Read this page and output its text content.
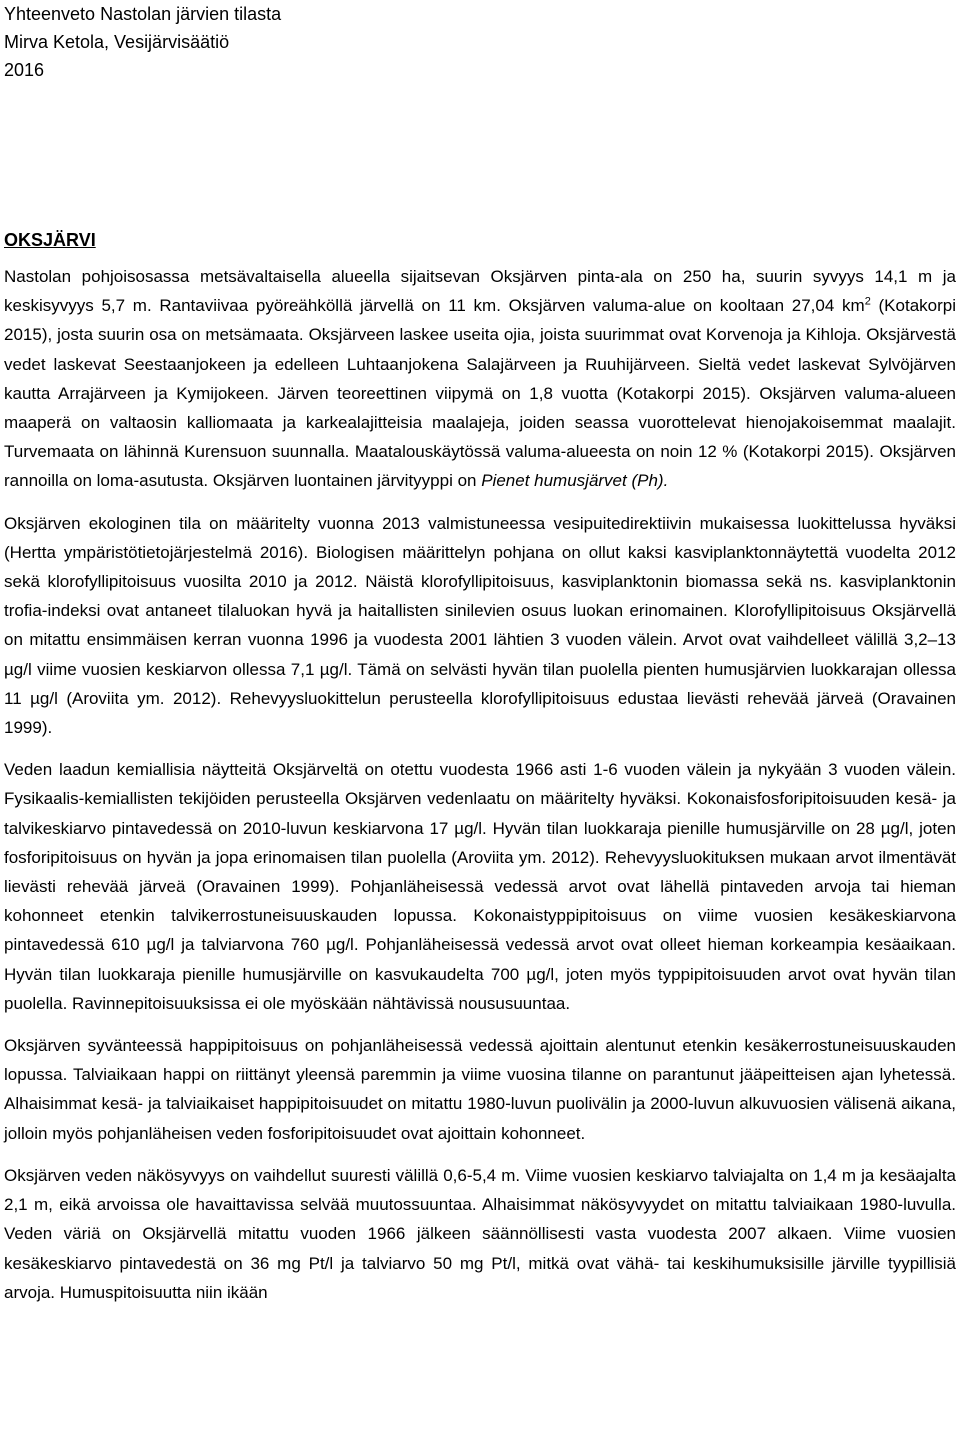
Yhteenveto Nastolan järvien tilasta

Mirva Ketola, Vesijärvisäätiö

2016

OKSJÄRVI

Nastolan pohjoisosassa metsävaltaisella alueella sijaitsevan Oksjärven pinta-ala on 250 ha, suurin syvyys 14,1 m ja keskisyvyys 5,7 m. Rantaviivaa pyöreähköllä järvellä on 11 km. Oksjärven valuma-alue on kooltaan 27,04 $km^2$ (Kotakorpi 2015), josta suurin osa on metsämaata. Oksjärveen laskee useita ojia, joista suurimmat ovat Korvenoja ja Kihloja. Oksjärvestä vedet laskevat Seestaanjokeen ja edelleen Luhtaanjokena Salajärveen ja Ruuhijärveen. Sieltä vedet laskevat Sylvöjärven kautta Arrajärveen ja Kymijokeen. Järven teoreettinen viipymä on 1,8 vuotta (Kotakorpi 2015). Oksjärven valuma-alueen maaperä on valtaosin kalliomaata ja karkealajitteisia maalajeja, joiden seassa vuorottelevat hienojakoisemmat maalajit. Turvemaata on lähinnä Kurensuon suunnalla. Maatalouskäytössä valuma-alueesta on noin 12 % (Kotakorpi 2015). Oksjärven rannoilla on loma-asutusta. Oksjärven luontainen järvityyppi on Pienet humusjärvet (Ph).

Oksjärven ekologinen tila on määritelty vuonna 2013 valmistuneessa vesipuitedirektiivin mukaisessa luokittelussa hyväksi (Hertta ympäristötietojärjestelmä 2016). Biologisen määrittelyn pohjana on ollut kaksi kasviplanktonnäytettä vuodelta 2012 sekä klorofyllipitoisuus vuosilta 2010 ja 2012. Näistä klorofyllipitoisuus, kasviplanktonin biomassa sekä ns. kasviplanktonin trofia-indeksi ovat antaneet tilaluokan hyvä ja haitallisten sinilevien osuus luokan erinomainen. Klorofyllipitoisuus Oksjärvellä on mitattu ensimmäisen kerran vuonna 1996 ja vuodesta 2001 lähtien 3 vuoden välein. Arvot ovat vaihdelleet välillä 3,2–13 µg/l viime vuosien keskiarvon ollessa 7,1 µg/l. Tämä on selvästi hyvän tilan puolella pienten humusjärvien luokkarajan ollessa 11 µg/l (Aroviita ym. 2012). Rehevyysluokittelun perusteella klorofyllipitoisuus edustaa lievästi rehevää järveä (Oravainen 1999).

Veden laadun kemiallisia näytteitä Oksjärveltä on otettu vuodesta 1966 asti 1-6 vuoden välein ja nykyään 3 vuoden välein. Fysikaalis-kemiallisten tekijöiden perusteella Oksjärven vedenlaatu on määritelty hyväksi. Kokonaisfosforipitoisuuden kesä- ja talvikeskiarvo pintavedessä on 2010-luvun keskiarvona 17 µg/l. Hyvän tilan luokkaraja pienille humusjärville on 28 µg/l, joten fosforipitoisuus on hyvän ja jopa erinomaisen tilan puolella (Aroviita ym. 2012). Rehevyysluokituksen mukaan arvot ilmentävät lievästi rehevää järveä (Oravainen 1999). Pohjanläheisessä vedessä arvot ovat lähellä pintaveden arvoja tai hieman kohonneet etenkin talvikerrostuneisuuskauden lopussa. Kokonaistyppipitoisuus on viime vuosien kesäkeskiarvona pintavedessä 610 µg/l ja talviarvona 760 µg/l. Pohjanläheisessä vedessä arvot ovat olleet hieman korkeampia kesäaikaan. Hyvän tilan luokkaraja pienille humusjärville on kasvukaudelta 700 µg/l, joten myös typpipitoisuuden arvot ovat hyvän tilan puolella. Ravinnepitoisuuksissa ei ole myöskään nähtävissä noususuuntaa.

Oksjärven syvänteessä happipitoisuus on pohjanläheisessä vedessä ajoittain alentunut etenkin kesäkerrostuneisuuskauden lopussa. Talviaikaan happi on riittänyt yleensä paremmin ja viime vuosina tilanne on parantunut jääpeitteisen ajan lyhetessä. Alhaisimmat kesä- ja talviaikaiset happipitoisuudet on mitattu 1980-luvun puolivälin ja 2000-luvun alkuvuosien välisenä aikana, jolloin myös pohjanläheisen veden fosforipitoisuudet ovat ajoittain kohonneet.

Oksjärven veden näkösyvyys on vaihdellut suuresti välillä 0,6-5,4 m. Viime vuosien keskiarvo talviajalta on 1,4 m ja kesäajalta 2,1 m, eikä arvoissa ole havaittavissa selvää muutossuuntaa. Alhaisimmat näkösyvyydet on mitattu talviaikaan 1980-luvulla. Veden väriä on Oksjärvellä mitattu vuoden 1966 jälkeen säännöllisesti vasta vuodesta 2007 alkaen. Viime vuosien kesäkeskiarvo pintavedestä on 36 mg Pt/l ja talviarvo 50 mg Pt/l, mitkä ovat vähä- tai keskihumuksisille järville tyypillisiä arvoja. Humuspitoisuutta niin ikään
